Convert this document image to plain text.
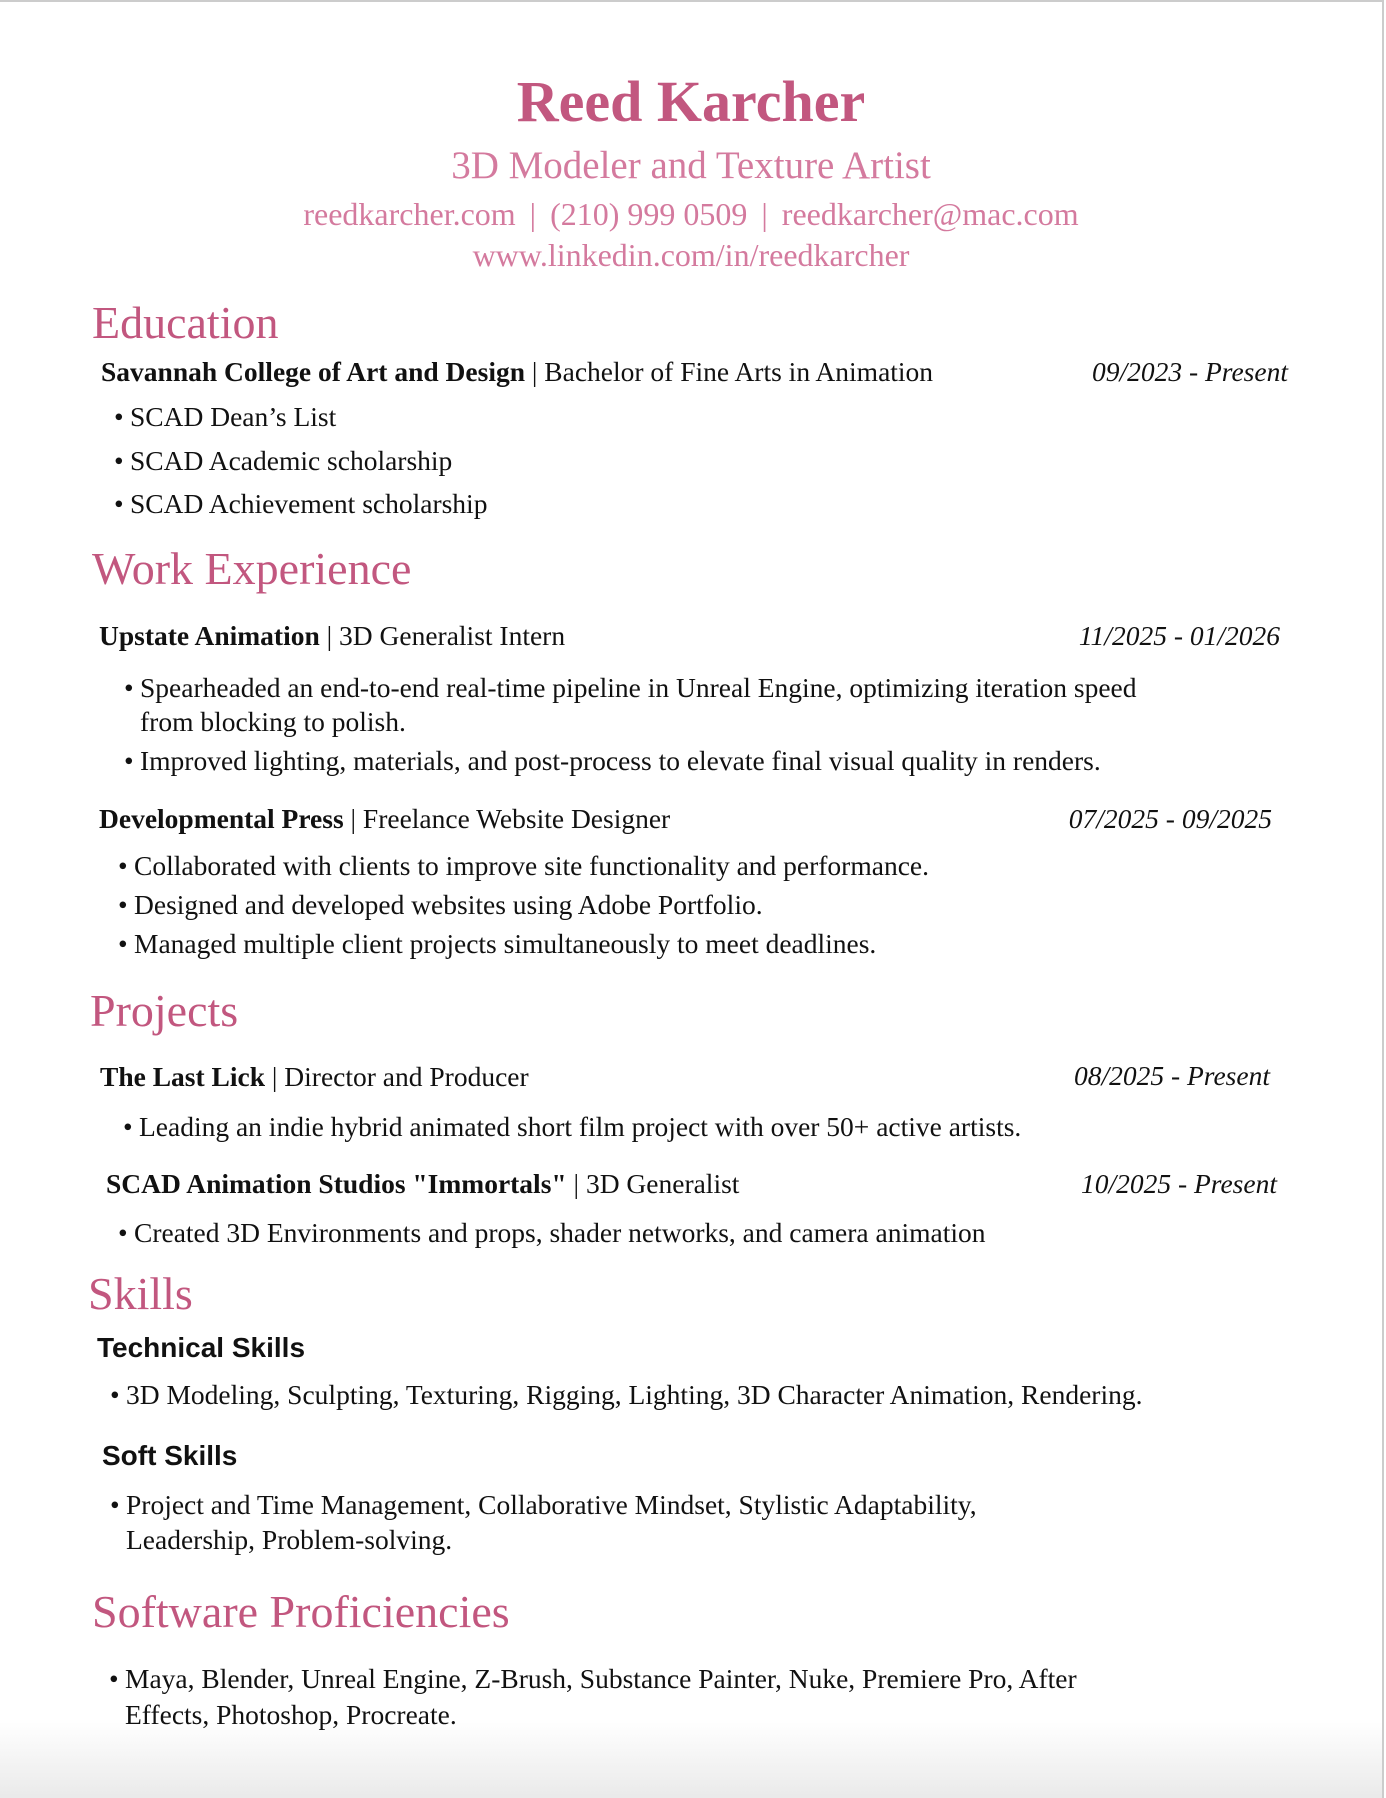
Reed Karcher
3D Modeler and Texture Artist
reedkarcher.com | (210) 999 0509 | reedkarcher@mac.com
www.linkedin.com/in/reedkarcher
Education
Savannah College of Art and Design | Bachelor of Fine Arts in Animation	09/2023 - Present
• SCAD Dean’s List
• SCAD Academic scholarship
• SCAD Achievement scholarship
Work Experience
Upstate Animation | 3D Generalist Intern	11/2025 - 01/2026
• Spearheaded an end-to-end real-time pipeline in Unreal Engine, optimizing iteration speed
from blocking to polish.
• Improved lighting, materials, and post-process to elevate final visual quality in renders.
Developmental Press | Freelance Website Designer	07/2025 - 09/2025
• Collaborated with clients to improve site functionality and performance.
• Designed and developed websites using Adobe Portfolio.
• Managed multiple client projects simultaneously to meet deadlines.
Projects
The Last Lick | Director and Producer	08/2025 - Present
• Leading an indie hybrid animated short film project with over 50+ active artists.
SCAD Animation Studios "Immortals" | 3D Generalist	10/2025 - Present
• Created 3D Environments and props, shader networks, and camera animation
Skills
Technical Skills
• 3D Modeling, Sculpting, Texturing, Rigging, Lighting, 3D Character Animation, Rendering.
Soft Skills
• Project and Time Management, Collaborative Mindset, Stylistic Adaptability,
Leadership, Problem-solving.
Software Proficiencies
• Maya, Blender, Unreal Engine, Z-Brush, Substance Painter, Nuke, Premiere Pro, After
Effects, Photoshop, Procreate.
